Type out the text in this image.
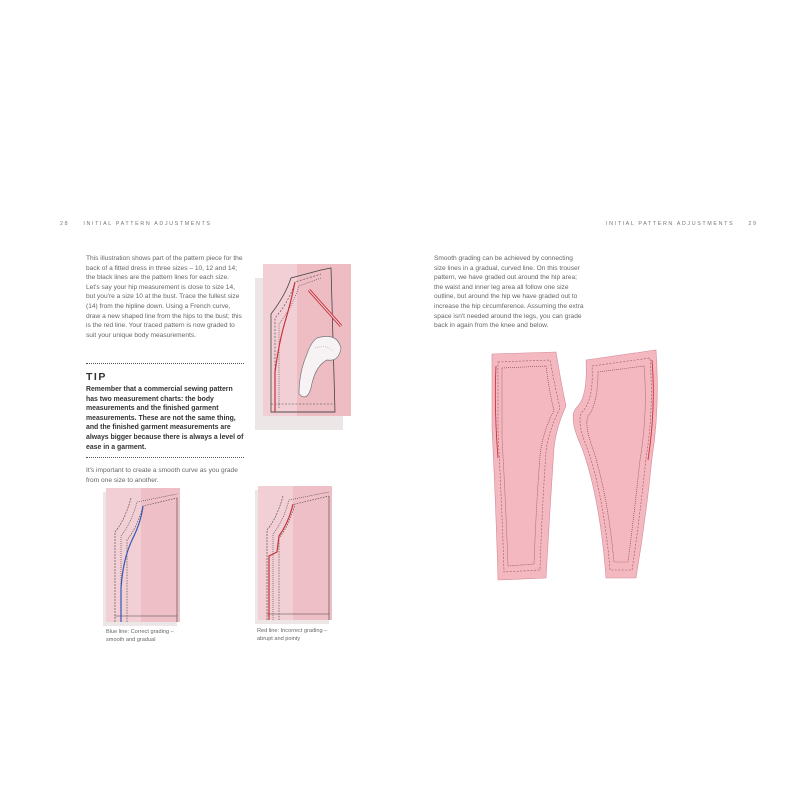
28	INITIAL PATTERN ADJUSTMENTS
This illustration shows part of the pattern piece for the back of a fitted dress in three sizes – 10, 12 and 14; the black lines are the pattern lines for each size. Let's say your hip measurement is close to size 14, but you're a size 10 at the bust. Trace the fullest size (14) from the hipline down. Using a French curve, draw a new shaped line from the hips to the bust; this is the red line. Your traced pattern is now graded to suit your unique body measurements.
TIP
Remember that a commercial sewing pattern has two measurement charts: the body measurements and the finished garment measurements. These are not the same thing, and the finished garment measurements are always bigger because there is always a level of ease in a garment.
It's important to create a smooth curve as you grade from one size to another.
Blue line: Correct grading – smooth and gradual
Red line: Incorrect grading – abrupt and pointy
INITIAL PATTERN ADJUSTMENTS	29
Smooth grading can be achieved by connecting size lines in a gradual, curved line. On this trouser pattern, we have graded out around the hip area; the waist and inner leg area all follow one size outline, but around the hip we have graded out to increase the hip circumference. Assuming the extra space isn't needed around the legs, you can grade back in again from the knee and below.
